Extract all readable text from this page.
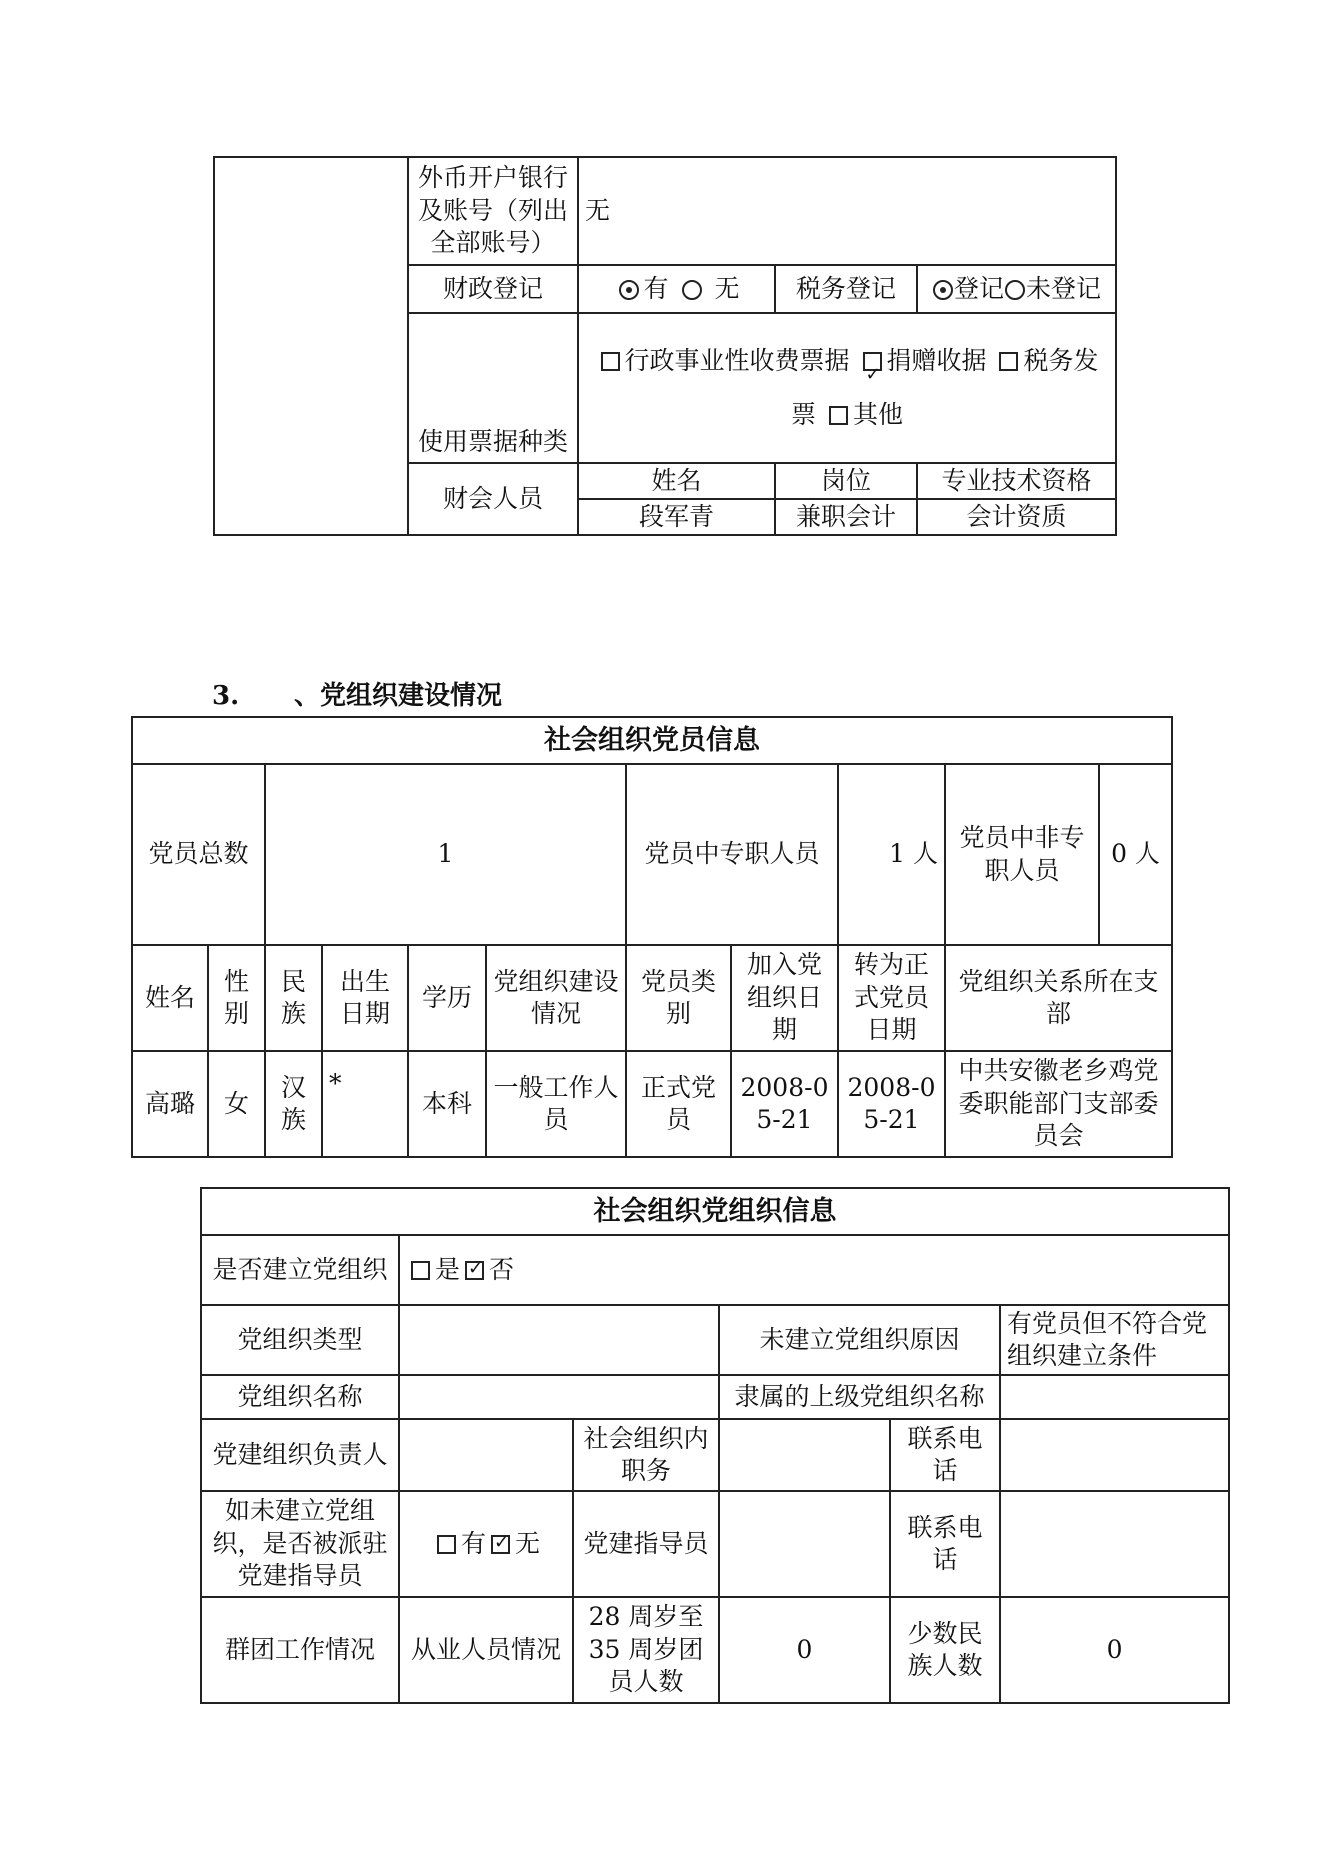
	外币开户银行及账号（列出全部账号）	无		
	财政登记	有 无	税务登记	登记 未登记
	使用票据种类	行政事业性收费票据 ✓ 捐赠收据 税务发
票 其他
	财会人员	姓名	岗位	专业技术资格
		段军青	兼职会计	会计资质
3. 、党组织建设情况
社会组织党员信息										
党员总数		1				党员中专职人员		1 人	党员中非专职人员	0 人
姓名	性别	民族	出生日期	学历	党组织建设情况	党员类别	加入党组织日期	转为正式党员日期	党组织关系所在支部	
高璐	女	汉族	*	本科	一般工作人员	正式党员	2008-05-21	2008-05-21	中共安徽老乡鸡党委职能部门支部委员会	
社会组织党组织信息					
是否建立党组织	是 ✓ 否
党组织类型			未建立党组织原因		有党员但不符合党组织建立条件
党组织名称			隶属的上级党组织名称		
党建组织负责人		社会组织内职务		联系电话	
如未建立党组织，是否被派驻党建指导员	有 ✓ 无	党建指导员		联系电话	
群团工作情况	从业人员情况	28 周岁至 35 周岁团员人数	0	少数民族人数	0
